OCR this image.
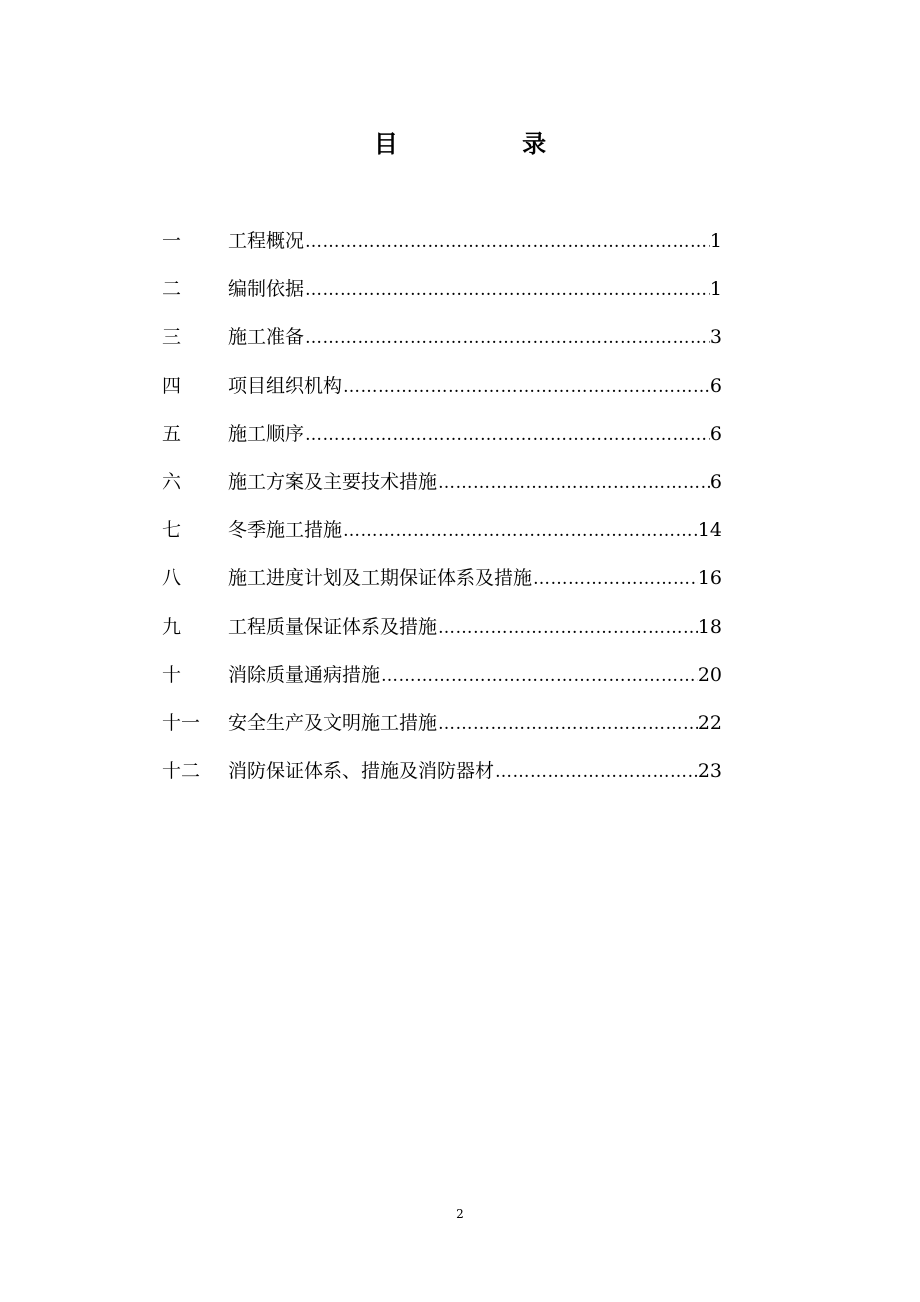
目 录
一	工程概况 ……………………………………………………………………………………………………………………………………………	1
二	编制依据 ……………………………………………………………………………………………………………………………………………	1
三	施工准备 ……………………………………………………………………………………………………………………………………………	3
四	项目组织机构 ……………………………………………………………………………………………………………………………………………	6
五	施工顺序 ……………………………………………………………………………………………………………………………………………	6
六	施工方案及主要技术措施 ……………………………………………………………………………………………………………………………………………	6
七	冬季施工措施 ……………………………………………………………………………………………………………………………………………	14
八	施工进度计划及工期保证体系及措施 ……………………………………………………………………………………………………………………………………………	16
九	工程质量保证体系及措施 ……………………………………………………………………………………………………………………………………………	18
十	消除质量通病措施 ……………………………………………………………………………………………………………………………………………	20
十一	安全生产及文明施工措施 ……………………………………………………………………………………………………………………………………………	22
十二	消防保证体系、措施及消防器材 ……………………………………………………………………………………………………………………………………………	23
2
